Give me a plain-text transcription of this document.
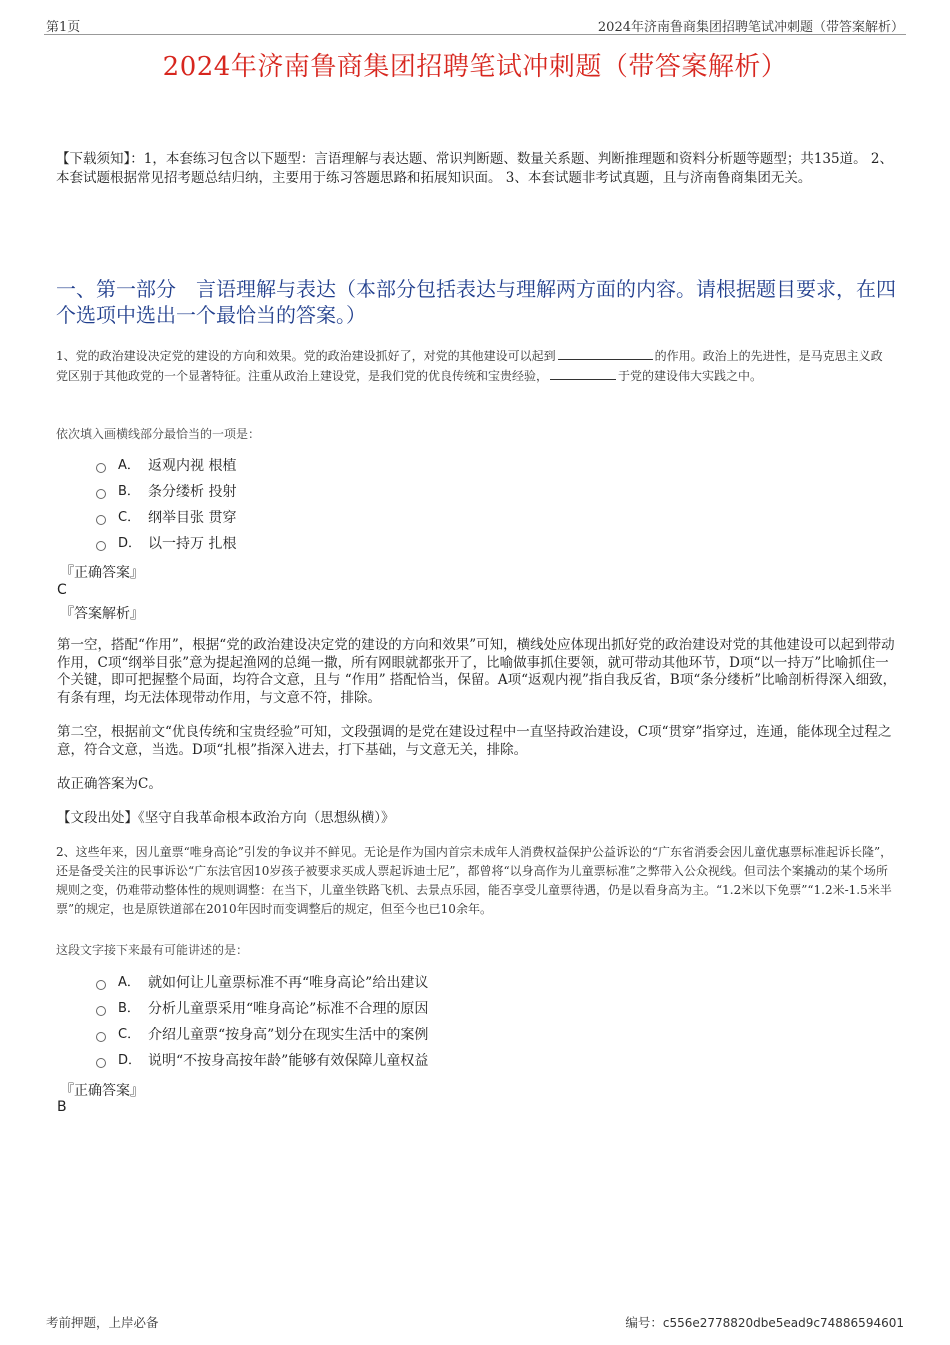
第1页	2024年济南鲁商集团招聘笔试冲刺题（带答案解析）
2024年济南鲁商集团招聘笔试冲刺题（带答案解析）
【下载须知】：1，本套练习包含以下题型：言语理解与表达题、常识判断题、数量关系题、判断推理题和资料分析题等题型；共135道。 2、本套试题根据常见招考题总结归纳，主要用于练习答题思路和拓展知识面。 3、本套试题非考试真题，且与济南鲁商集团无关。
一、第一部分　言语理解与表达（本部分包括表达与理解两方面的内容。请根据题目要求，在四个选项中选出一个最恰当的答案。）
1、党的政治建设决定党的建设的方向和效果。党的政治建设抓好了，对党的其他建设可以起到	的作用。政治上的先进性，是马克思主义政党区别于其他政党的一个显著特征。注重从政治上建设党，是我们党的优良传统和宝贵经验，	于党的建设伟大实践之中。
依次填入画横线部分最恰当的一项是：
A． 返观内视 根植
B． 条分缕析 投射
C． 纲举目张 贯穿
D． 以一持万 扎根
『正确答案』
C
『答案解析』
第一空，搭配“作用”，根据“党的政治建设决定党的建设的方向和效果”可知，横线处应体现出抓好党的政治建设对党的其他建设可以起到带动作用，C项“纲举目张”意为提起渔网的总绳一撒，所有网眼就都张开了，比喻做事抓住要领，就可带动其他环节，D项“以一持万”比喻抓住一个关键，即可把握整个局面，均符合文意，且与 “作用” 搭配恰当，保留。A项“返观内视”指自我反省，B项“条分缕析”比喻剖析得深入细致，有条有理，均无法体现带动作用，与文意不符，排除。
第二空，根据前文“优良传统和宝贵经验”可知，文段强调的是党在建设过程中一直坚持政治建设，C项“贯穿”指穿过，连通，能体现全过程之意，符合文意，当选。D项“扎根”指深入进去，打下基础，与文意无关，排除。
故正确答案为C。
【文段出处】《坚守自我革命根本政治方向（思想纵横）》
2、这些年来，因儿童票“唯身高论”引发的争议并不鲜见。无论是作为国内首宗未成年人消费权益保护公益诉讼的“广东省消委会因儿童优惠票标准起诉长隆”，还是备受关注的民事诉讼“广东法官因10岁孩子被要求买成人票起诉迪士尼”，都曾将“以身高作为儿童票标准”之弊带入公众视线。但司法个案撬动的某个场所规则之变，仍难带动整体性的规则调整：在当下，儿童坐铁路飞机、去景点乐园，能否享受儿童票待遇，仍是以看身高为主。“1.2米以下免票”“1.2米-1.5米半票”的规定，也是原铁道部在2010年因时而变调整后的规定，但至今也已10余年。
这段文字接下来最有可能讲述的是：
A． 就如何让儿童票标准不再“唯身高论”给出建议
B． 分析儿童票采用“唯身高论”标准不合理的原因
C． 介绍儿童票“按身高”划分在现实生活中的案例
D． 说明“不按身高按年龄”能够有效保障儿童权益
『正确答案』
B
考前押题，上岸必备	编号：c556e2778820dbe5ead9c74886594601
